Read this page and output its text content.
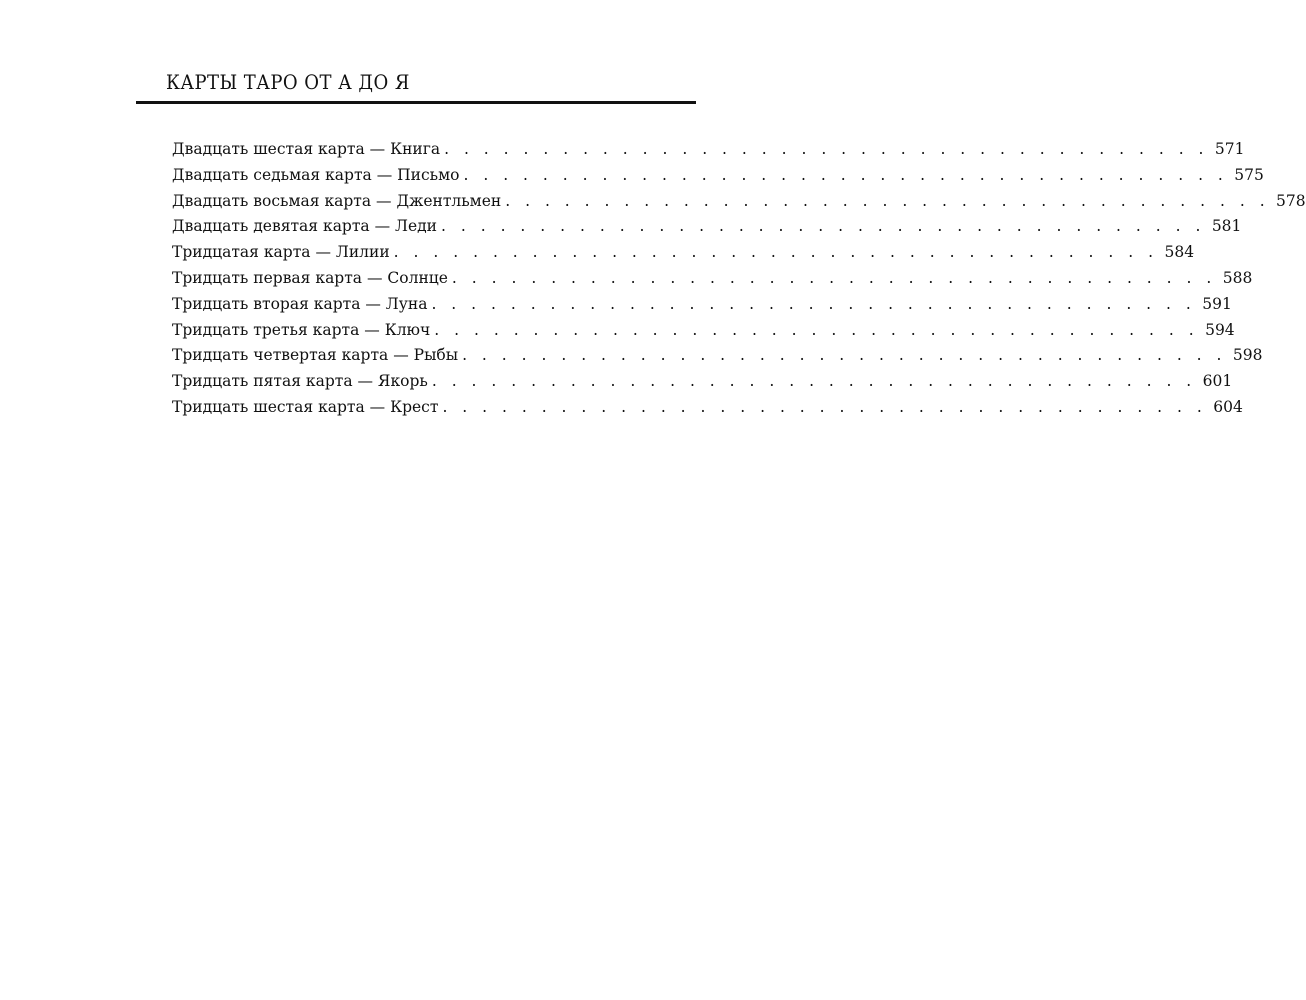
КАРТЫ ТАРО ОТ А ДО Я
Двадцать шестая карта — Книга . . . . . . . . . . . . . . . . . . . . . . . . . . . . . . . . . . . . . . . 571
Двадцать седьмая карта — Письмо . . . . . . . . . . . . . . . . . . . . . . . . . . . . . . . . . . . . . . . 575
Двадцать восьмая карта — Джентльмен . . . . . . . . . . . . . . . . . . . . . . . . . . . . . . . . . . . . . . . 578
Двадцать девятая карта — Леди . . . . . . . . . . . . . . . . . . . . . . . . . . . . . . . . . . . . . . . 581
Тридцатая карта — Лилии . . . . . . . . . . . . . . . . . . . . . . . . . . . . . . . . . . . . . . . 584
Тридцать первая карта — Солнце . . . . . . . . . . . . . . . . . . . . . . . . . . . . . . . . . . . . . . . 588
Тридцать вторая карта — Луна . . . . . . . . . . . . . . . . . . . . . . . . . . . . . . . . . . . . . . . 591
Тридцать третья карта — Ключ . . . . . . . . . . . . . . . . . . . . . . . . . . . . . . . . . . . . . . . 594
Тридцать четвертая карта — Рыбы . . . . . . . . . . . . . . . . . . . . . . . . . . . . . . . . . . . . . . . 598
Тридцать пятая карта — Якорь . . . . . . . . . . . . . . . . . . . . . . . . . . . . . . . . . . . . . . . 601
Тридцать шестая карта — Крест . . . . . . . . . . . . . . . . . . . . . . . . . . . . . . . . . . . . . . . 604
